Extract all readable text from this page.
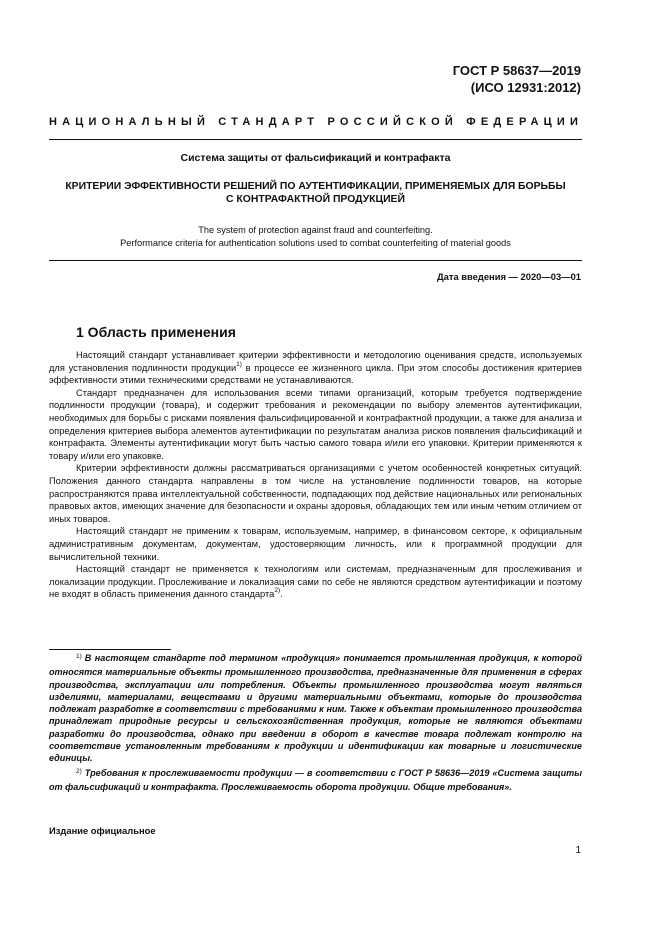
ГОСТ Р 58637—2019
(ИСО 12931:2012)
НАЦИОНАЛЬНЫЙ СТАНДАРТ РОССИЙСКОЙ ФЕДЕРАЦИИ
Система защиты от фальсификаций и контрафакта
КРИТЕРИИ ЭФФЕКТИВНОСТИ РЕШЕНИЙ ПО АУТЕНТИФИКАЦИИ, ПРИМЕНЯЕМЫХ ДЛЯ БОРЬБЫ С КОНТРАФАКТНОЙ ПРОДУКЦИЕЙ
The system of protection against fraud and counterfeiting.
Performance criteria for authentication solutions used to combat counterfeiting of material goods
Дата введения — 2020—03—01
1 Область применения

Настоящий стандарт устанавливает критерии эффективности и методологию оценивания средств, используемых для установления подлинности продукции$^{1)}$ в процессе ее жизненного цикла. При этом способы достижения критериев эффективности этими техническими средствами не устанавливаются.

Стандарт предназначен для использования всеми типами организаций, которым требуется подтверждение подлинности продукции (товара), и содержит требования и рекомендации по выбору элементов аутентификации, необходимых для борьбы с рисками появления фальсифицированной и контрафактной продукции, а также для анализа и определения критериев выбора элементов аутентификации по результатам анализа рисков появления фальсификаций и контрафакта. Элементы аутентификации могут быть частью самого товара и/или его упаковки. Критерии применяются к товару и/или его упаковке.

Критерии эффективности должны рассматриваться организациями с учетом особенностей конкретных ситуаций. Положения данного стандарта направлены в том числе на установление подлинности товаров, на которые распространяются права интеллектуальной собственности, подпадающих под действие национальных или региональных правовых актов, имеющих значение для безопасности и охраны здоровья, обладающих тем или иным четким отличием от иных товаров.

Настоящий стандарт не применим к товарам, используемым, например, в финансовом секторе, к официальным административным документам, документам, удостоверяющим личность, или к программной продукции для вычислительной техники.

Настоящий стандарт не применяется к технологиям или системам, предназначенным для прослеживания и локализации продукции. Прослеживание и локализация сами по себе не являются средством аутентификации и поэтому не входят в область применения данного стандарта$^{2)}$.

$^{1)}$ В настоящем стандарте под термином «продукция» понимается промышленная продукция, к которой относятся материальные объекты промышленного производства, предназначенные для применения в сферах производства, эксплуатации или потребления. Объекты промышленного производства могут являться изделиями, материалами, веществами и другими материальными объектами, которые до производства подлежат разработке в соответствии с требованиями к ним. Также к объектам промышленного производства принадлежат природные ресурсы и сельскохозяйственная продукция, которые не являются объектами разработки до производства, однако при введении в оборот в качестве товара подлежат контролю на соответствие установленным требованиям к продукции и идентификации как товарные и логистические единицы.

$^{2)}$ Требования к прослеживаемости продукции — в соответствии с ГОСТ Р 58636—2019 «Система защиты от фальсификаций и контрафакта. Прослеживаемость оборота продукции. Общие требования».

Издание официальное
1
